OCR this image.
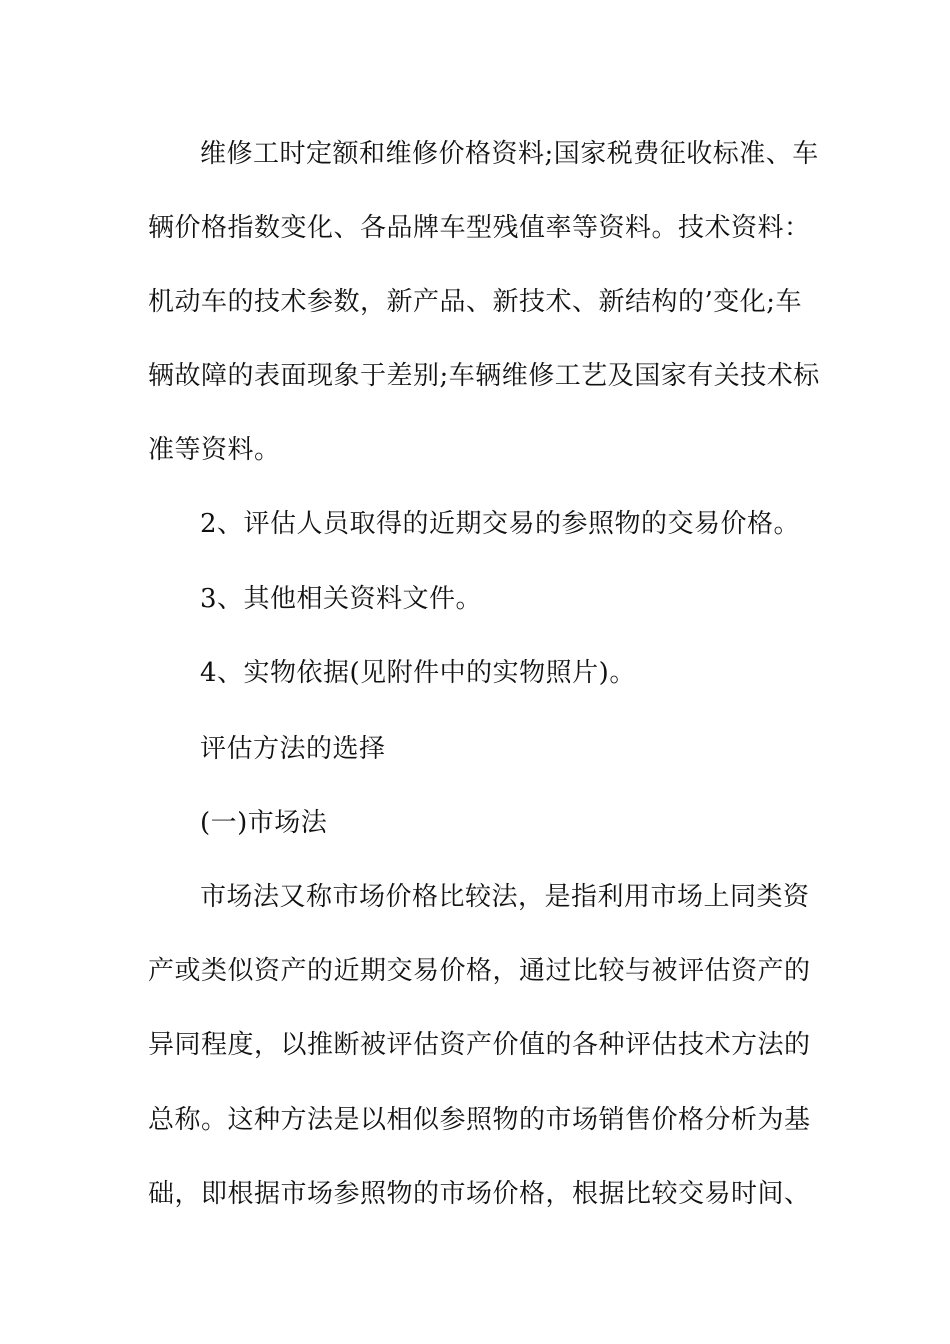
维修工时定额和维修价格资料;国家税费征收标准、车
辆价格指数变化、各品牌车型残值率等资料。技术资料：
机动车的技术参数，新产品、新技术、新结构的’变化;车
辆故障的表面现象于差别;车辆维修工艺及国家有关技术标
准等资料。
2、评估人员取得的近期交易的参照物的交易价格。
3、其他相关资料文件。
4、实物依据(见附件中的实物照片)。
评估方法的选择
(一)市场法
市场法又称市场价格比较法，是指利用市场上同类资
产或类似资产的近期交易价格，通过比较与被评估资产的
异同程度，以推断被评估资产价值的各种评估技术方法的
总称。这种方法是以相似参照物的市场销售价格分析为基
础，即根据市场参照物的市场价格，根据比较交易时间、
